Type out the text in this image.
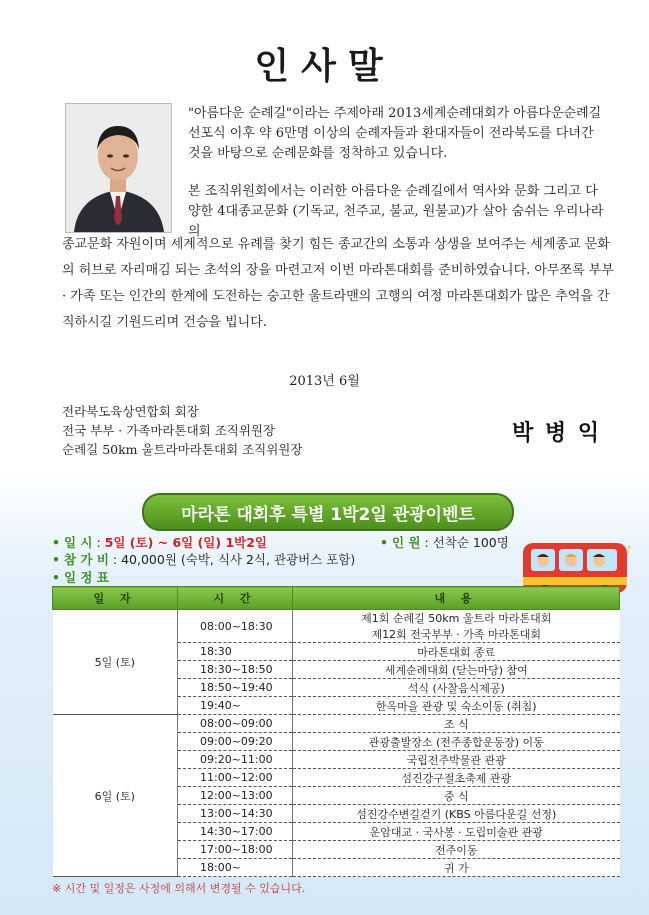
인사말
"아름다운 순례길"이라는 주제아래 2013세계순례대회가 아름다운순례길 선포식 이후 약 6만명 이상의 순례자들과 환대자들이 전라북도를 다녀간 것을 바탕으로 순례문화를 정착하고 있습니다.
본 조직위원회에서는 이러한 아름다운 순례길에서 역사와 문화 그리고 다양한 4대종교문화 (기독교, 천주교, 불교, 원불교)가 살아 숨쉬는 우리나라의
종교문화 자원이며 세계적으로 유례를 찾기 힘든 종교간의 소통과 상생을 보여주는 세계종교 문화의 허브로 자리매김 되는 초석의 장을 마련고저 이번 마라톤대회를 준비하였습니다. 아무쪼록 부부 · 가족 또는 인간의 한계에 도전하는 숭고한 울트라맨의 고행의 여정 마라톤대회가 많은 추억을 간직하시길 기원드리며 건승을 빕니다.
2013년 6월
전라북도육상연합회 회장
전국 부부 · 가족마라톤대회 조직위원장
순례길 50km 울트라마라톤대회 조직위원장
박 병 익
마라톤 대회후 특별 1박2일 관광이벤트
• 일 시 : 5일 (토) ~ 6일 (일) 1박2일
• 참 가 비 : 40,000원 (숙박, 식사 2식, 관광버스 포함)
• 일 정 표
• 인 원 : 선착순 100명
♪
일 자	시 간	내 용
5일 (토)	08:00~18:30	제1회 순례길 50km 울트라 마라톤대회
제12회 전국부부 · 가족 마라톤대회

	18:30	마라톤대회 종료
	18:30~18:50	세계순례대회 (닫는마당) 참여
	18:50~19:40	석식 (사찰음식제공)
	19:40~	한옥마을 관광 및 숙소이동 (취침)
6일 (토)	08:00~09:00	조 식
	09:00~09:20	관광출발장소 (전주종합운동장) 이동
	09:20~11:00	국립전주박물관 관광
	11:00~12:00	섬진강구절초축제 관광
	12:00~13:00	중 식
	13:00~14:30	섬진강수변길걷기 (KBS 아름다운길 선정)
	14:30~17:00	운암대교 · 국사봉 · 도립미술관 관광
	17:00~18:00	전주이동
	18:00~	귀 가
※ 시간 및 일정은 사정에 의해서 변경될 수 있습니다.
